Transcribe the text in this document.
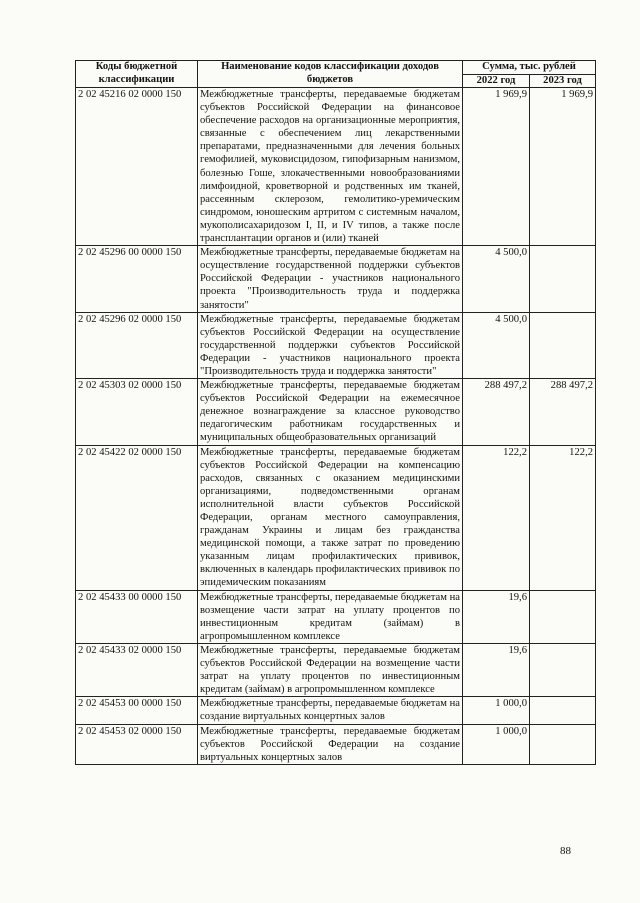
Коды бюджетной классификации	Наименование кодов классификации доходов бюджетов	Сумма, тыс. рублей	
		2022 год	2023 год
2 02 45216 02 0000 150	Межбюджетные трансферты, передаваемые бюджетам субъектов Российской Федерации на финансовое обеспечение расходов на организационные мероприятия, связанные с обеспечением лиц лекарственными препаратами, предназначенными для лечения больных гемофилией, муковисцидозом, гипофизарным нанизмом, болезнью Гоше, злокачественными новообразованиями лимфоидной, кроветворной и родственных им тканей, рассеянным склерозом, гемолитико-уремическим синдромом, юношеским артритом с системным началом, мукополисахаридозом I, II, и IV типов, а также после трансплантации органов и (или) тканей	1 969,9	1 969,9
2 02 45296 00 0000 150	Межбюджетные трансферты, передаваемые бюджетам на осуществление государственной поддержки субъектов Российской Федерации - участников национального проекта "Производительность труда и поддержка занятости"	4 500,0	
2 02 45296 02 0000 150	Межбюджетные трансферты, передаваемые бюджетам субъектов Российской Федерации на осуществление государственной поддержки субъектов Российской Федерации - участников национального проекта "Производительность труда и поддержка занятости"	4 500,0	
2 02 45303 02 0000 150	Межбюджетные трансферты, передаваемые бюджетам субъектов Российской Федерации на ежемесячное денежное вознаграждение за классное руководство педагогическим работникам государственных и муниципальных общеобразовательных организаций	288 497,2	288 497,2
2 02 45422 02 0000 150	Межбюджетные трансферты, передаваемые бюджетам субъектов Российской Федерации на компенсацию расходов, связанных с оказанием медицинскими организациями, подведомственными органам исполнительной власти субъектов Российской Федерации, органам местного самоуправления, гражданам Украины и лицам без гражданства медицинской помощи, а также затрат по проведению указанным лицам профилактических прививок, включенных в календарь профилактических прививок по эпидемическим показаниям	122,2	122,2
2 02 45433 00 0000 150	Межбюджетные трансферты, передаваемые бюджетам на возмещение части затрат на уплату процентов по инвестиционным кредитам (займам) в агропромышленном комплексе	19,6	
2 02 45433 02 0000 150	Межбюджетные трансферты, передаваемые бюджетам субъектов Российской Федерации на возмещение части затрат на уплату процентов по инвестиционным кредитам (займам) в агропромышленном комплексе	19,6	
2 02 45453 00 0000 150	Межбюджетные трансферты, передаваемые бюджетам на создание виртуальных концертных залов	1 000,0	
2 02 45453 02 0000 150	Межбюджетные трансферты, передаваемые бюджетам субъектов Российской Федерации на создание виртуальных концертных залов	1 000,0	
88
